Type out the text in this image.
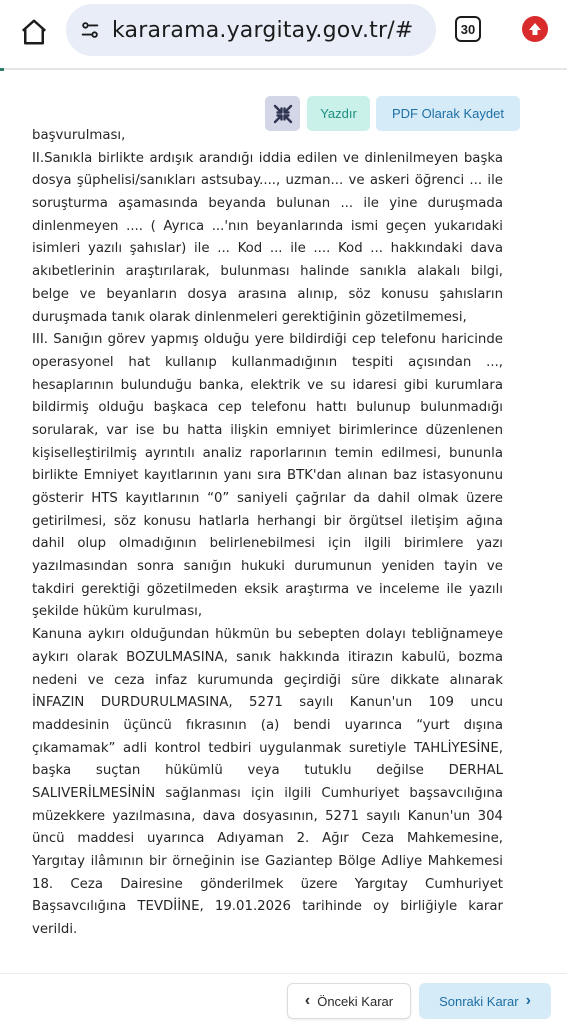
kararama.yargitay.gov.tr/#	30
Yazdır	PDF Olarak Kaydet

başvurulması,

II.Sanıkla birlikte ardışık arandığı iddia edilen ve dinlenilmeyen başka

dosya şüphelisi/sanıkları astsubay...., uzman... ve askeri öğrenci ... ile

soruşturma aşamasında beyanda bulunan ... ile yine duruşmada

dinlenmeyen .... ( Ayrıca ...'nın beyanlarında ismi geçen yukarıdaki

isimleri yazılı şahıslar) ile ... Kod ... ile .... Kod ... hakkındaki dava

akıbetlerinin araştırılarak, bulunması halinde sanıkla alakalı bilgi,

belge ve beyanların dosya arasına alınıp, söz konusu şahısların

duruşmada tanık olarak dinlenmeleri gerektiğinin gözetilmemesi,

III. Sanığın görev yapmış olduğu yere bildirdiği cep telefonu haricinde

operasyonel hat kullanıp kullanmadığının tespiti açısından ...,

hesaplarının bulunduğu banka, elektrik ve su idaresi gibi kurumlara

bildirmiş olduğu başkaca cep telefonu hattı bulunup bulunmadığı

sorularak, var ise bu hatta ilişkin emniyet birimlerince düzenlenen

kişiselleştirilmiş ayrıntılı analiz raporlarının temin edilmesi, bununla

birlikte Emniyet kayıtlarının yanı sıra BTK'dan alınan baz istasyonunu

gösterir HTS kayıtlarının “0” saniyeli çağrılar da dahil olmak üzere

getirilmesi, söz konusu hatlarla herhangi bir örgütsel iletişim ağına

dahil olup olmadığının belirlenebilmesi için ilgili birimlere yazı

yazılmasından sonra sanığın hukuki durumunun yeniden tayin ve

takdiri gerektiği gözetilmeden eksik araştırma ve inceleme ile yazılı

şekilde hüküm kurulması,

Kanuna aykırı olduğundan hükmün bu sebepten dolayı tebliğnameye

aykırı olarak BOZULMASINA, sanık hakkında itirazın kabulü, bozma

nedeni ve ceza infaz kurumunda geçirdiği süre dikkate alınarak

İNFAZIN DURDURULMASINA, 5271 sayılı Kanun'un 109 uncu

maddesinin üçüncü fıkrasının (a) bendi uyarınca “yurt dışına

çıkamamak” adli kontrol tedbiri uygulanmak suretiyle TAHLİYESİNE,

başka suçtan hükümlü veya tutuklu değilse DERHAL

SALIVERİLMESİNİN sağlanması için ilgili Cumhuriyet başsavcılığına

müzekkere yazılmasına, dava dosyasının, 5271 sayılı Kanun'un 304

üncü maddesi uyarınca Adıyaman 2. Ağır Ceza Mahkemesine,

Yargıtay ilâmının bir örneğinin ise Gaziantep Bölge Adliye Mahkemesi

18. Ceza Dairesine gönderilmek üzere Yargıtay Cumhuriyet

Başsavcılığına TEVDİİNE, 19.01.2026 tarihinde oy birliğiyle karar

verildi.

‹ Önceki Karar	Sonraki Karar ›
